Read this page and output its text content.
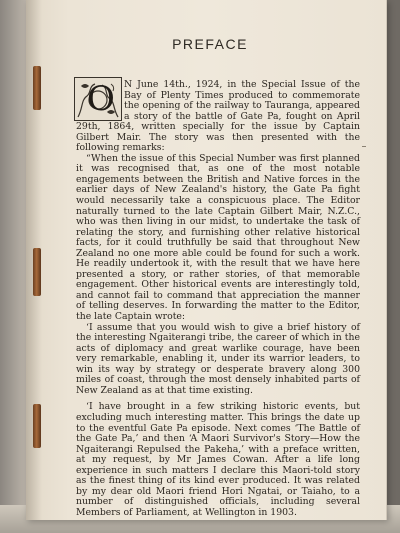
PREFACE
O N June 14th., 1924, in the Special Issue of the Bay of Plenty Times produced to commemorate the opening of the railway to Tauranga, appeared a story of the battle of Gate Pa, fought on April 29th, 1864, written specially for the issue by Captain Gilbert Mair. The story was then presented with the following remarks:

“When the issue of this Special Number was first planned it was recognised that, as one of the most notable engagements between the British and Native forces in the earlier days of New Zealand's history, the Gate Pa fight would necessarily take a conspicuous place. The Editor naturally turned to the late Captain Gilbert Mair, N.Z.C., who was then living in our midst, to undertake the task of relating the story, and furnishing other relative historical facts, for it could truthfully be said that throughout New Zealand no one more able could be found for such a work. He readily undertook it, with the result that we have here presented a story, or rather stories, of that memorable engagement. Other historical events are interestingly told, and cannot fail to command that appreciation the manner of telling deserves. In forwarding the matter to the Editor, the late Captain wrote:

‘I assume that you would wish to give a brief history of the interesting Ngaiterangi tribe, the career of which in the acts of diplomacy and great warlike courage, have been very remarkable, enabling it, under its warrior leaders, to win its way by strategy or desperate bravery along 300 miles of coast, through the most densely inhabited parts of New Zealand as at that time existing.

‘I have brought in a few striking historic events, but excluding much interesting matter. This brings the date up to the eventful Gate Pa episode. Next comes ‘The Battle of the Gate Pa,’ and then ‘A Maori Survivor's Story—How the Ngaiterangi Repulsed the Pakeha,’ with a preface written, at my request, by Mr James Cowan. After a life long experience in such matters I declare this Maori-told story as the finest thing of its kind ever produced. It was related by my dear old Maori friend Hori Ngatai, or Taiaho, to a number of distinguished officials, including several Members of Parliament, at Wellington in 1903.
